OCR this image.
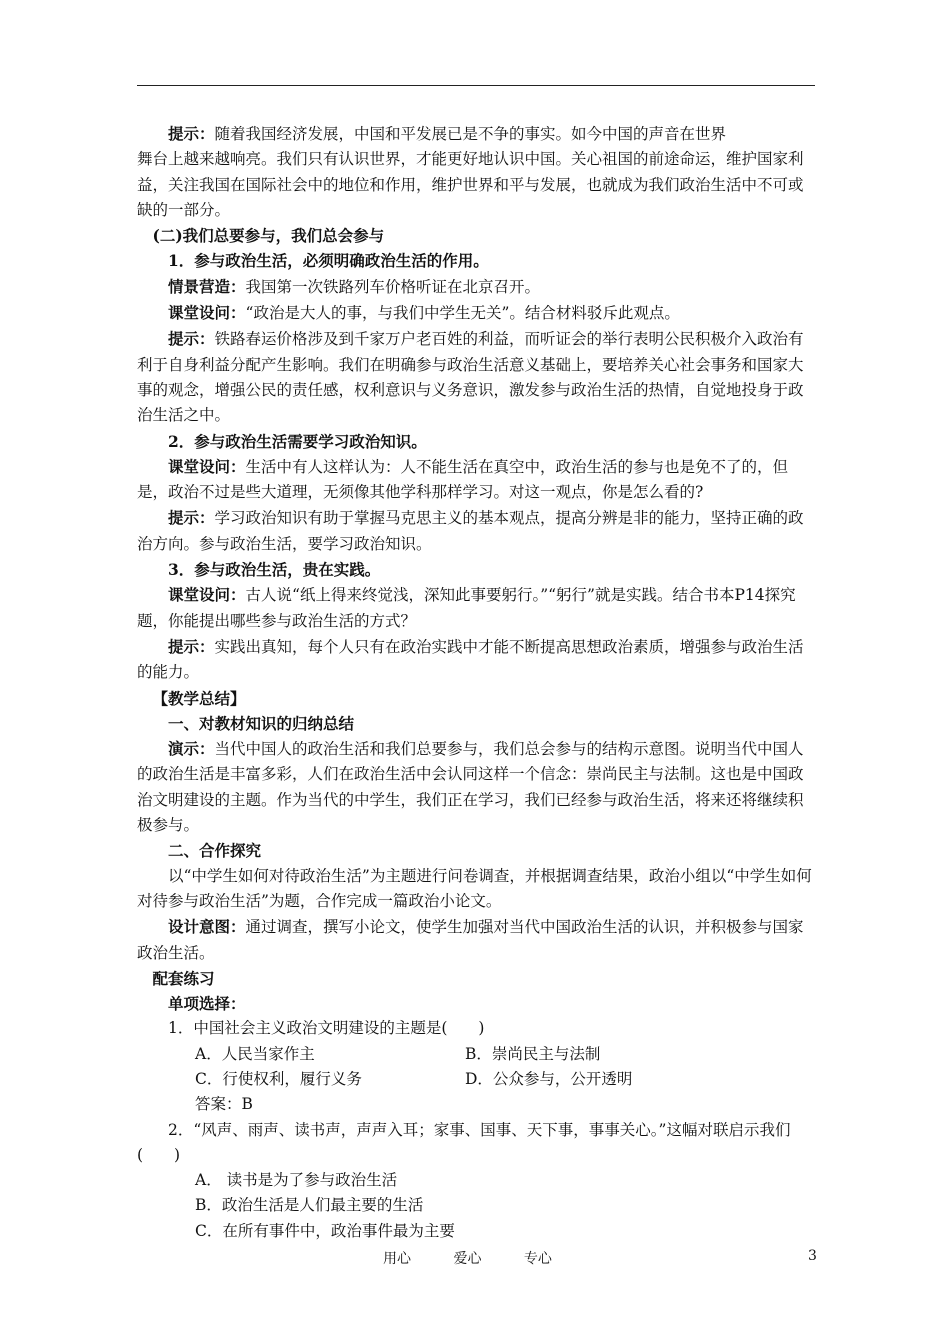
提示：随着我国经济发展，中国和平发展已是不争的事实。如今中国的声音在世界

舞台上越来越响亮。我们只有认识世界，才能更好地认识中国。关心祖国的前途命运，维护国家利益，关注我国在国际社会中的地位和作用，维护世界和平与发展，也就成为我们政治生活中不可或缺的一部分。

(二)我们总要参与，我们总会参与

1．参与政治生活，必须明确政治生活的作用。

情景营造：我国第一次铁路列车价格听证在北京召开。

课堂设问：“政治是大人的事，与我们中学生无关”。结合材料驳斥此观点。

提示：铁路春运价格涉及到千家万户老百姓的利益，而听证会的举行表明公民积极介入政治有利于自身利益分配产生影响。我们在明确参与政治生活意义基础上，要培养关心社会事务和国家大事的观念，增强公民的责任感，权利意识与义务意识，激发参与政治生活的热情，自觉地投身于政治生活之中。

2．参与政治生活需要学习政治知识。

课堂设问：生活中有人这样认为：人不能生活在真空中，政治生活的参与也是免不了的，但是，政治不过是些大道理，无须像其他学科那样学习。对这一观点，你是怎么看的?

提示：学习政治知识有助于掌握马克思主义的基本观点，提高分辨是非的能力，坚持正确的政治方向。参与政治生活，要学习政治知识。

3．参与政治生活，贵在实践。

课堂设问：古人说“纸上得来终觉浅，深知此事要躬行。”“躬行”就是实践。结合书本P14探究题，你能提出哪些参与政治生活的方式？

提示：实践出真知，每个人只有在政治实践中才能不断提高思想政治素质，增强参与政治生活的能力。

【教学总结】

一、对教材知识的归纳总结

演示：当代中国人的政治生活和我们总要参与，我们总会参与的结构示意图。说明当代中国人的政治生活是丰富多彩，人们在政治生活中会认同这样一个信念：崇尚民主与法制。这也是中国政治文明建设的主题。作为当代的中学生，我们正在学习，我们已经参与政治生活，将来还将继续积极参与。

二、合作探究

以“中学生如何对待政治生活”为主题进行问卷调查，并根据调查结果，政治小组以“中学生如何对待参与政治生活”为题，合作完成一篇政治小论文。

设计意图：通过调查，撰写小论文，使学生加强对当代中国政治生活的认识，并积极参与国家政治生活。

配套练习

单项选择：

1．中国社会主义政治文明建设的主题是(　　)

A．人民当家作主	B．崇尚民主与法制
C．行使权利，履行义务	D．公众参与，公开透明

答案：B

2．“风声、雨声、读书声，声声入耳；家事、国事、天下事，事事关心。”这幅对联启示我们(　　)

A． 读书是为了参与政治生活

B．政治生活是人们最主要的生活

C．在所有事件中，政治事件最为主要

用心	爱心	专心	3
